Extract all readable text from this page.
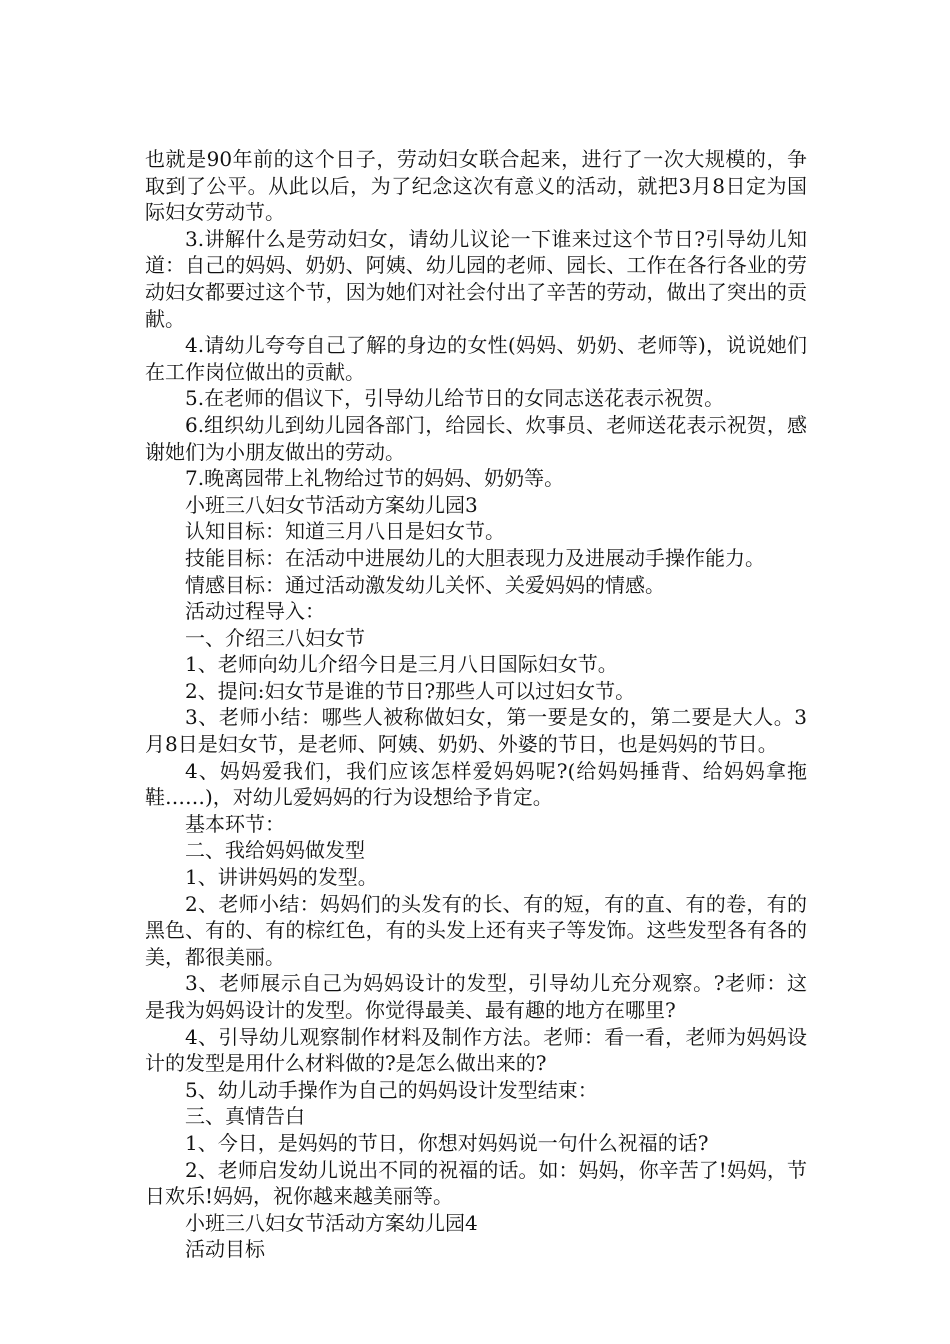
也就是90年前的这个日子，劳动妇女联合起来，进行了一次大规模的，争取到了公平。从此以后，为了纪念这次有意义的活动，就把3月8日定为国际妇女劳动节。

3.讲解什么是劳动妇女，请幼儿议论一下谁来过这个节日?引导幼儿知道：自己的妈妈、奶奶、阿姨、幼儿园的老师、园长、工作在各行各业的劳动妇女都要过这个节，因为她们对社会付出了辛苦的劳动，做出了突出的贡献。

4.请幼儿夸夸自己了解的身边的女性(妈妈、奶奶、老师等)，说说她们在工作岗位做出的贡献。

5.在老师的倡议下，引导幼儿给节日的女同志送花表示祝贺。

6.组织幼儿到幼儿园各部门，给园长、炊事员、老师送花表示祝贺，感谢她们为小朋友做出的劳动。

7.晚离园带上礼物给过节的妈妈、奶奶等。

小班三八妇女节活动方案幼儿园3

认知目标：知道三月八日是妇女节。

技能目标：在活动中进展幼儿的大胆表现力及进展动手操作能力。

情感目标：通过活动激发幼儿关怀、关爱妈妈的情感。

活动过程导入：

一、介绍三八妇女节

1、老师向幼儿介绍今日是三月八日国际妇女节。

2、提问:妇女节是谁的节日?那些人可以过妇女节。

3、老师小结：哪些人被称做妇女，第一要是女的，第二要是大人。3月8日是妇女节，是老师、阿姨、奶奶、外婆的节日，也是妈妈的节日。

4、妈妈爱我们，我们应该怎样爱妈妈呢?(给妈妈捶背、给妈妈拿拖鞋……)，对幼儿爱妈妈的行为设想给予肯定。

基本环节：

二、我给妈妈做发型

1、讲讲妈妈的发型。

2、老师小结：妈妈们的头发有的长、有的短，有的直、有的卷，有的黑色、有的、有的棕红色，有的头发上还有夹子等发饰。这些发型各有各的美，都很美丽。

3、老师展示自己为妈妈设计的发型，引导幼儿充分观察。?老师：这是我为妈妈设计的发型。你觉得最美、最有趣的地方在哪里?

4、引导幼儿观察制作材料及制作方法。老师：看一看，老师为妈妈设计的发型是用什么材料做的?是怎么做出来的?

5、幼儿动手操作为自己的妈妈设计发型结束：

三、真情告白

1、今日，是妈妈的节日，你想对妈妈说一句什么祝福的话?

2、老师启发幼儿说出不同的祝福的话。如：妈妈，你辛苦了!妈妈，节日欢乐!妈妈，祝你越来越美丽等。

小班三八妇女节活动方案幼儿园4

活动目标
